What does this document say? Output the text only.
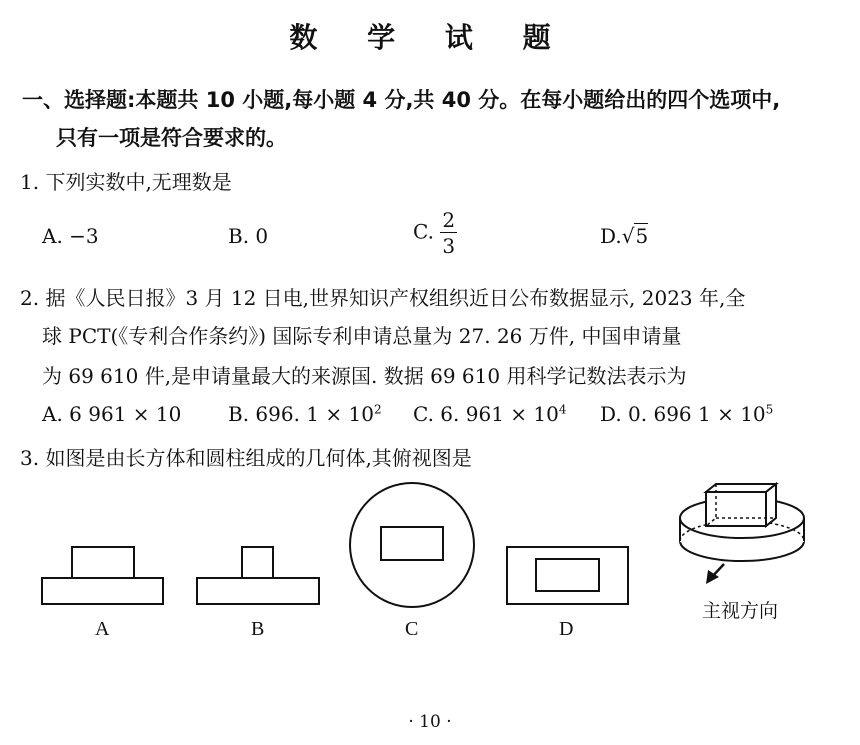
数 学 试 题
一、选择题:本题共 10 小题,每小题 4 分,共 40 分。在每小题给出的四个选项中,
只有一项是符合要求的。
1. 下列实数中,无理数是
A. −3	B. 0	C. $\frac{2}{3}$	D.√5
2. 据《人民日报》3 月 12 日电,世界知识产权组织近日公布数据显示, 2023 年,全
球 PCT(《专利合作条约》) 国际专利申请总量为 27. 26 万件, 中国申请量
为 69 610 件,是申请量最大的来源国. 数据 69 610 用科学记数法表示为
A. 6 961 × 10 B. 696. $1 \times 10^2$ C. 6. $961 \times 10^4$ D. 0. 696 $1 \times 10^5$
3. 如图是由长方体和圆柱组成的几何体,其俯视图是
A	B	C	D
主视方向
· 10 ·
